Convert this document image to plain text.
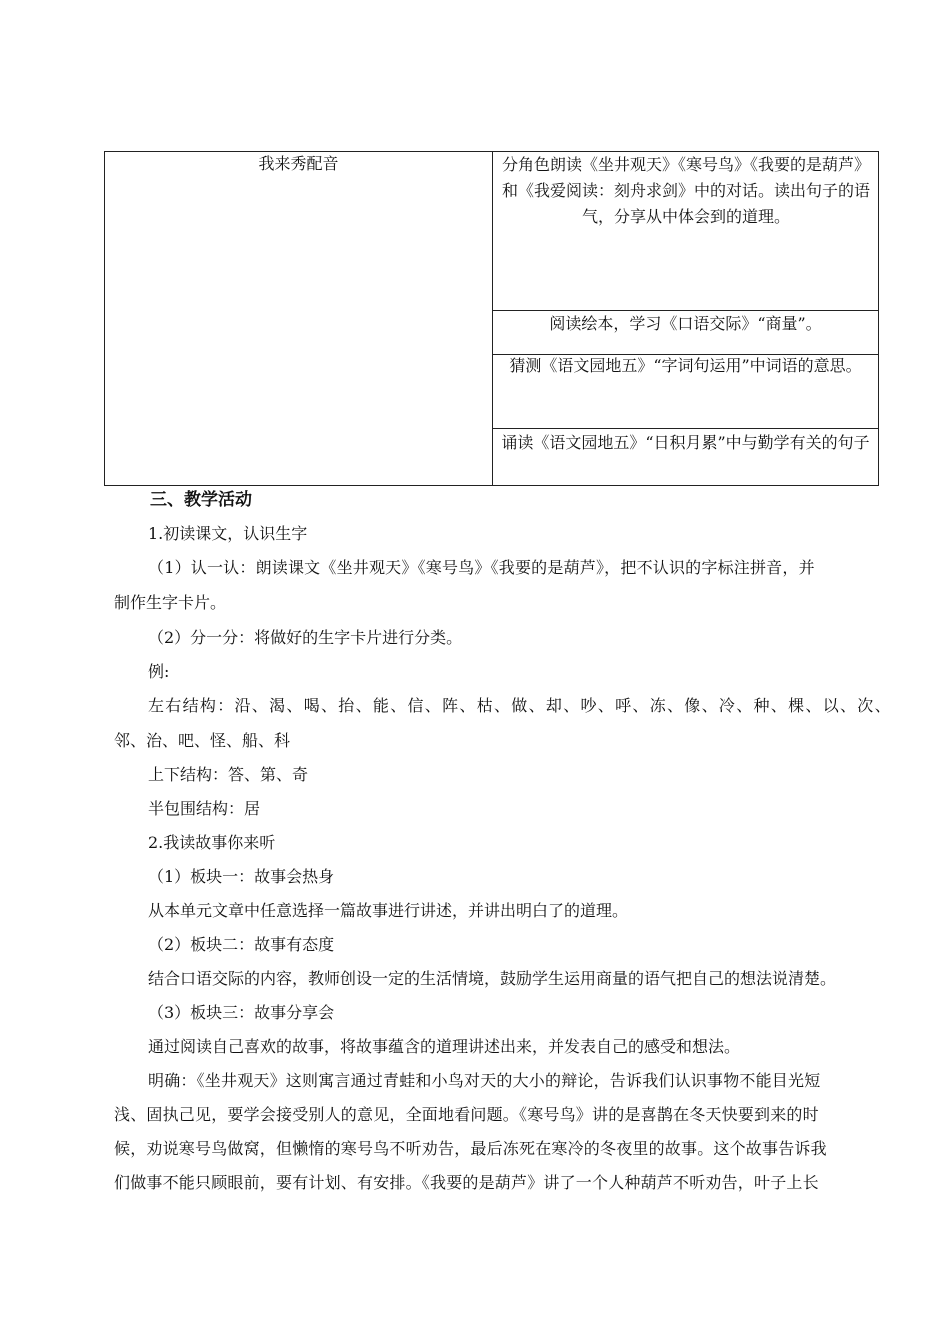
我来秀配音	分角色朗读《坐井观天》《寒号鸟》《我要的是葫芦》和《我爱阅读：刻舟求剑》中的对话。读出句子的语气，分享从中体会到的道理。
阅读绘本，学习《口语交际》“商量”。
猜测《语文园地五》“字词句运用”中词语的意思。
诵读《语文园地五》“日积月累”中与勤学有关的句子
三、教学活动
1.初读课文，认识生字
（1）认一认：朗读课文《坐井观天》《寒号鸟》《我要的是葫芦》，把不认识的字标注拼音，并
制作生字卡片。
（2）分一分：将做好的生字卡片进行分类。
例:
左右结构：沿、渴、喝、抬、能、信、阵、枯、做、却、吵、呼、冻、像、冷、种、棵、以、次、
邻、治、吧、怪、船、科
上下结构：答、第、奇
半包围结构：居
2.我读故事你来听
（1）板块一：故事会热身
从本单元文章中任意选择一篇故事进行讲述，并讲出明白了的道理。
（2）板块二：故事有态度
结合口语交际的内容，教师创设一定的生活情境，鼓励学生运用商量的语气把自己的想法说清楚。
（3）板块三：故事分享会
通过阅读自己喜欢的故事，将故事蕴含的道理讲述出来，并发表自己的感受和想法。
明确：《坐井观天》这则寓言通过青蛙和小鸟对天的大小的辩论，告诉我们认识事物不能目光短
浅、固执己见，要学会接受别人的意见，全面地看问题。《寒号鸟》讲的是喜鹊在冬天快要到来的时
候，劝说寒号鸟做窝，但懒惰的寒号鸟不听劝告，最后冻死在寒冷的冬夜里的故事。这个故事告诉我
们做事不能只顾眼前，要有计划、有安排。《我要的是葫芦》讲了一个人种葫芦不听劝告，叶子上长
